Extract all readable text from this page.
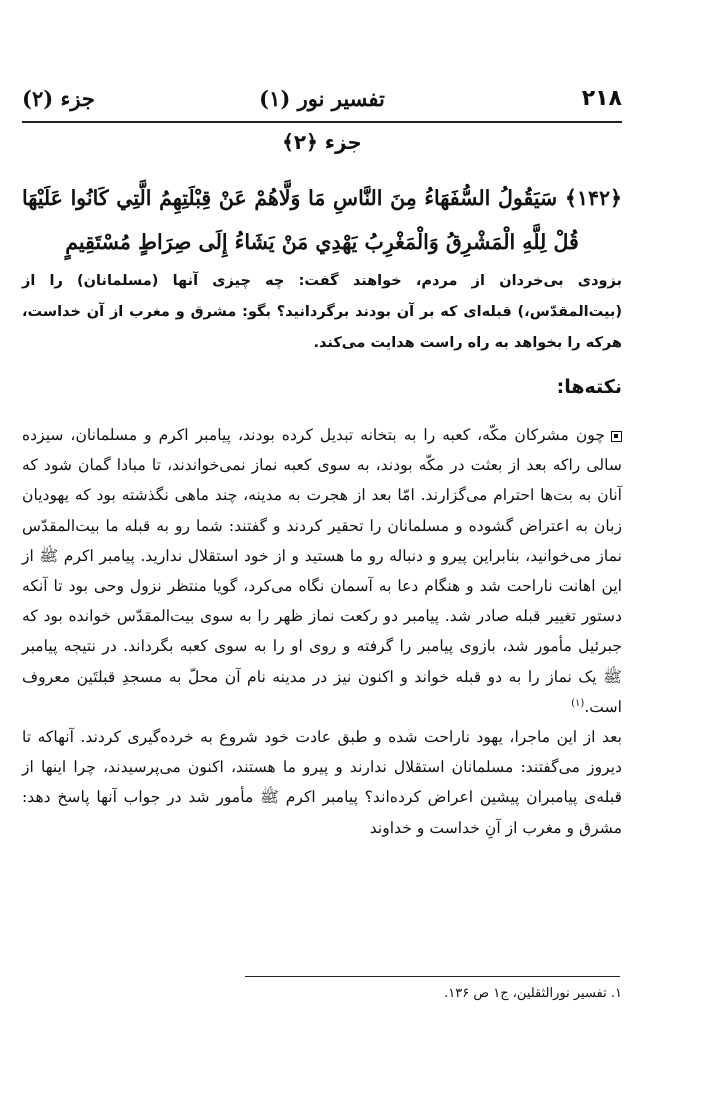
۲۱۸
تفسیر نور (۱)
جزء (۲)
جزء ﴿۲﴾
﴿۱۴۲﴾ سَيَقُولُ السُّفَهَاءُ مِنَ النَّاسِ مَا وَلَّاهُمْ عَنْ قِبْلَتِهِمُ الَّتِي كَانُوا عَلَيْهَا
قُلْ لِلَّهِ الْمَشْرِقُ وَالْمَغْرِبُ يَهْدِي مَنْ يَشَاءُ إِلَى صِرَاطٍ مُسْتَقِيمٍ
بزودی بی‌خردان از مردم، خواهند گفت: چه چیزی آنها (مسلمانان) را از (بیت‌المقدّس،) قبله‌ای که بر آن بودند برگردانید؟ بگو: مشرق و مغرب از آن خداست، هرکه را بخواهد به راه راست هدایت می‌کند.
نکته‌ها:

چون مشرکان مکّه، کعبه را به بتخانه تبدیل کرده بودند، پیامبر اکرم و مسلمانان، سیزده سالی راکه بعد از بعثت در مکّه بودند، به سوی کعبه نماز نمی‌خواندند، تا مبادا گمان شود که آنان به بت‌ها احترام می‌گزارند. امّا بعد از هجرت به مدینه، چند ماهی نگذشته بود که یهودیان زبان به اعتراض گشوده و مسلمانان را تحقیر کردند و گفتند: شما رو به قبله ما بیت‌المقدّس نماز می‌خوانید، بنابراین پیرو و دنباله رو ما هستید و از خود استقلال ندارید. پیامبر اکرم ﷺ از این اهانت ناراحت شد و هنگام دعا به آسمان نگاه می‌کرد، گویا منتظر نزول وحی بود تا آنکه دستور تغییر قبله صادر شد. پیامبر دو رکعت نماز ظهر را به سوی بیت‌المقدّس خوانده بود که جبرئیل مأمور شد، بازوی پیامبر را گرفته و روی او را به سوی کعبه بگرداند. در نتیجه پیامبر ﷺ یک نماز را به دو قبله خواند و اکنون نیز در مدینه نام آن محلّ به مسجدِ قبلتَین معروف است.$^{(۱)}$

بعد از این ماجرا، یهود ناراحت شده و طبق عادت خود شروع به خرده‌گیری کردند. آنهاکه تا دیروز می‌گفتند: مسلمانان استقلال ندارند و پیرو ما هستند، اکنون می‌پرسیدند، چرا اینها از قبله‌ی پیامبران پیشین اعراض کرده‌اند؟ پیامبر اکرم ﷺ مأمور شد در جواب آنها پاسخ دهد: مشرق و مغرب از آنِ خداست و خداوند

۱. تفسیر نورالثقلین، ج۱ ص ۱۳۶.
